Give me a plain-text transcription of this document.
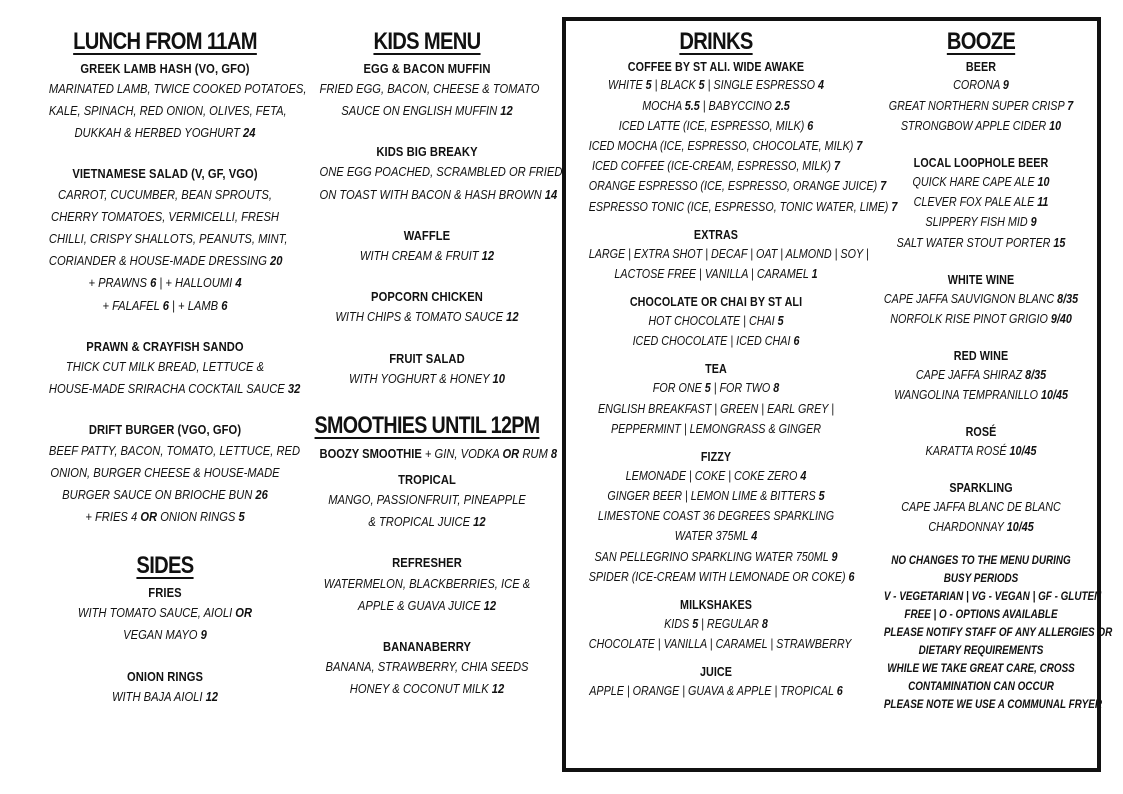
LUNCH FROM 11AM
GREEK LAMB HASH (VO, GFO)
MARINATED LAMB, TWICE COOKED POTATOES,
KALE, SPINACH, RED ONION, OLIVES, FETA,
DUKKAH & HERBED YOGHURT 24
VIETNAMESE SALAD (V, GF, VGO)
CARROT, CUCUMBER, BEAN SPROUTS,
CHERRY TOMATOES, VERMICELLI, FRESH
CHILLI, CRISPY SHALLOTS, PEANUTS, MINT,
CORIANDER & HOUSE-MADE DRESSING 20
+ PRAWNS 6 | + HALLOUMI 4
+ FALAFEL 6 | + LAMB 6
PRAWN & CRAYFISH SANDO
THICK CUT MILK BREAD, LETTUCE &
HOUSE-MADE SRIRACHA COCKTAIL SAUCE 32
DRIFT BURGER (VGO, GFO)
BEEF PATTY, BACON, TOMATO, LETTUCE, RED
ONION, BURGER CHEESE & HOUSE-MADE
BURGER SAUCE ON BRIOCHE BUN 26
+ FRIES 4 OR ONION RINGS 5
SIDES
FRIES
WITH TOMATO SAUCE, AIOLI OR
VEGAN MAYO 9
ONION RINGS
WITH BAJA AIOLI 12
KIDS MENU
EGG & BACON MUFFIN
FRIED EGG, BACON, CHEESE & TOMATO
SAUCE ON ENGLISH MUFFIN 12
KIDS BIG BREAKY
ONE EGG POACHED, SCRAMBLED OR FRIED
ON TOAST WITH BACON & HASH BROWN 14
WAFFLE
WITH CREAM & FRUIT 12
POPCORN CHICKEN
WITH CHIPS & TOMATO SAUCE 12
FRUIT SALAD
WITH YOGHURT & HONEY 10
SMOOTHIES UNTIL 12PM
BOOZY SMOOTHIE + GIN, VODKA OR RUM 8
TROPICAL
MANGO, PASSIONFRUIT, PINEAPPLE
& TROPICAL JUICE 12
REFRESHER
WATERMELON, BLACKBERRIES, ICE &
APPLE & GUAVA JUICE 12
BANANABERRY
BANANA, STRAWBERRY, CHIA SEEDS
HONEY & COCONUT MILK 12
DRINKS
COFFEE BY ST ALI. WIDE AWAKE
WHITE 5 | BLACK 5 | SINGLE ESPRESSO 4
MOCHA 5.5 | BABYCCINO 2.5
ICED LATTE (ICE, ESPRESSO, MILK) 6
ICED MOCHA (ICE, ESPRESSO, CHOCOLATE, MILK) 7
ICED COFFEE (ICE-CREAM, ESPRESSO, MILK) 7
ORANGE ESPRESSO (ICE, ESPRESSO, ORANGE JUICE) 7
ESPRESSO TONIC (ICE, ESPRESSO, TONIC WATER, LIME) 7
EXTRAS
LARGE | EXTRA SHOT | DECAF | OAT | ALMOND | SOY |
LACTOSE FREE | VANILLA | CARAMEL 1
CHOCOLATE OR CHAI BY ST ALI
HOT CHOCOLATE | CHAI 5
ICED CHOCOLATE | ICED CHAI 6
TEA
FOR ONE 5 | FOR TWO 8
ENGLISH BREAKFAST | GREEN | EARL GREY |
PEPPERMINT | LEMONGRASS & GINGER
FIZZY
LEMONADE | COKE | COKE ZERO 4
GINGER BEER | LEMON LIME & BITTERS 5
LIMESTONE COAST 36 DEGREES SPARKLING
WATER 375ML 4
SAN PELLEGRINO SPARKLING WATER 750ML 9
SPIDER (ICE-CREAM WITH LEMONADE OR COKE) 6
MILKSHAKES
KIDS 5 | REGULAR 8
CHOCOLATE | VANILLA | CARAMEL | STRAWBERRY
JUICE
APPLE | ORANGE | GUAVA & APPLE | TROPICAL 6
BOOZE
BEER
CORONA 9
GREAT NORTHERN SUPER CRISP 7
STRONGBOW APPLE CIDER 10
LOCAL LOOPHOLE BEER
QUICK HARE CAPE ALE 10
CLEVER FOX PALE ALE 11
SLIPPERY FISH MID 9
SALT WATER STOUT PORTER 15
WHITE WINE
CAPE JAFFA SAUVIGNON BLANC 8/35
NORFOLK RISE PINOT GRIGIO 9/40
RED WINE
CAPE JAFFA SHIRAZ 8/35
WANGOLINA TEMPRANILLO 10/45
ROSÉ
KARATTA ROSÉ 10/45
SPARKLING
CAPE JAFFA BLANC DE BLANC
CHARDONNAY 10/45
NO CHANGES TO THE MENU DURING
BUSY PERIODS
V - VEGETARIAN | VG - VEGAN | GF - GLUTEN
FREE | O - OPTIONS AVAILABLE
PLEASE NOTIFY STAFF OF ANY ALLERGIES OR
DIETARY REQUIREMENTS
WHILE WE TAKE GREAT CARE, CROSS
CONTAMINATION CAN OCCUR
PLEASE NOTE WE USE A COMMUNAL FRYER
